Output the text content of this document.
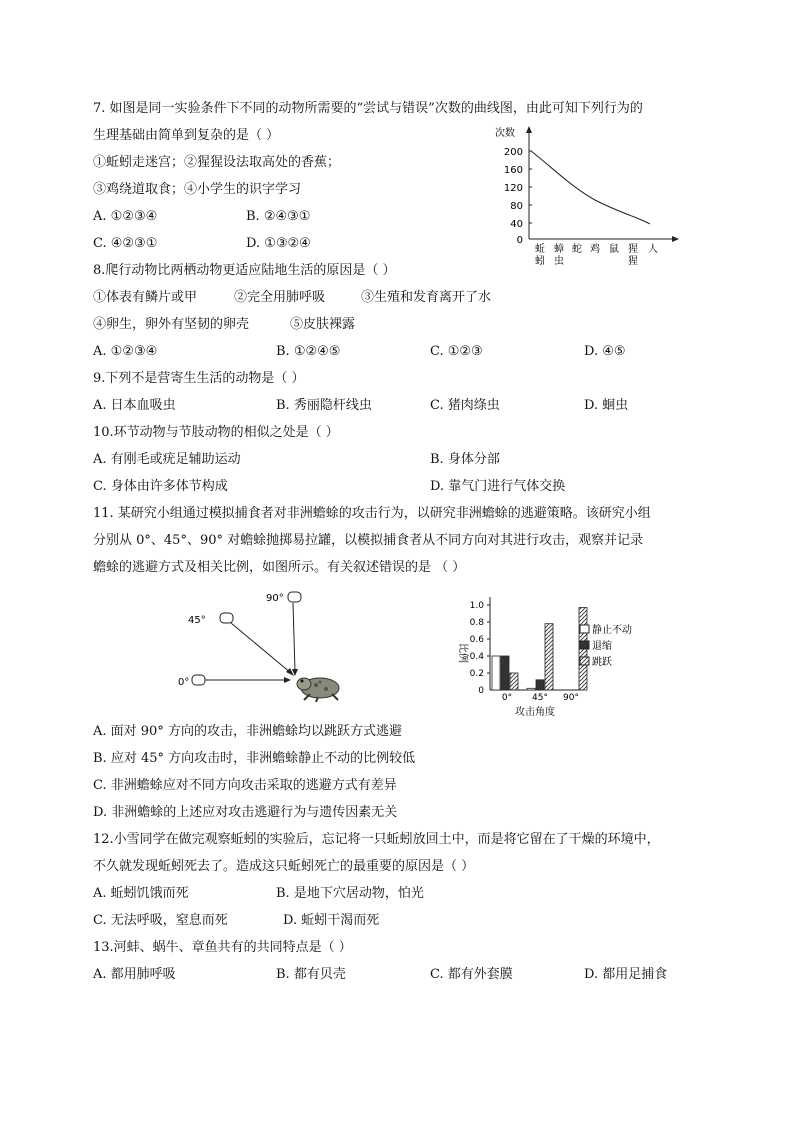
7. 如图是同一实验条件下不同的动物所需要的“尝试与错误”次数的曲线图，由此可知下列行为的
生理基础由简单到复杂的是（ ）
①蚯蚓走迷宫；②猩猩设法取高处的香蕉；
③鸡绕道取食；④小学生的识字学习
A. ①②③④	B. ②④③①
C. ④②③①	D. ①③②④
次数
200
160
120
80
40
0
蚯
蚓
蟑
虫
蛇 鸡 鼠 猩
猩
人
8.爬行动物比两栖动物更适应陆地生活的原因是（ ）
①体表有鳞片或甲	②完全用肺呼吸	③生殖和发育离开了水
④卵生，卵外有坚韧的卵壳	⑤皮肤裸露
A. ①②③④	B. ①②④⑤	C. ①②③	D. ④⑤
9.下列不是营寄生生活的动物是（ ）
A. 日本血吸虫	B. 秀丽隐杆线虫	C. 猪肉绦虫	D. 蛔虫
10.环节动物与节肢动物的相似之处是（ ）
A. 有刚毛或疣足辅助运动	B. 身体分部
C. 身体由许多体节构成	D. 靠气门进行气体交换
11. 某研究小组通过模拟捕食者对非洲蟾蜍的攻击行为，以研究非洲蟾蜍的逃避策略。该研究小组
分别从 0°、45°、90° 对蟾蜍抛掷易拉罐，以模拟捕食者从不同方向对其进行攻击，观察并记录
蟾蜍的逃避方式及相关比例，如图所示。有关叙述错误的是 （ ）
90°
45°
0°
比例
1.0
0.8
0.6
0.4
0.2
0
0° 45° 90°
攻击角度
静止不动
退缩
跳跃
A. 面对 90° 方向的攻击，非洲蟾蜍均以跳跃方式逃避
B. 应对 45° 方向攻击时，非洲蟾蜍静止不动的比例较低
C. 非洲蟾蜍应对不同方向攻击采取的逃避方式有差异
D. 非洲蟾蜍的上述应对攻击逃避行为与遗传因素无关
12.小雪同学在做完观察蚯蚓的实验后，忘记将一只蚯蚓放回土中，而是将它留在了干燥的环境中，
不久就发现蚯蚓死去了。造成这只蚯蚓死亡的最重要的原因是（ ）
A. 蚯蚓饥饿而死	B. 是地下穴居动物，怕光
C. 无法呼吸，窒息而死	D. 蚯蚓干渴而死
13.河蚌、蜗牛、章鱼共有的共同特点是（ ）
A. 都用肺呼吸	B. 都有贝壳	C. 都有外套膜	D. 都用足捕食
